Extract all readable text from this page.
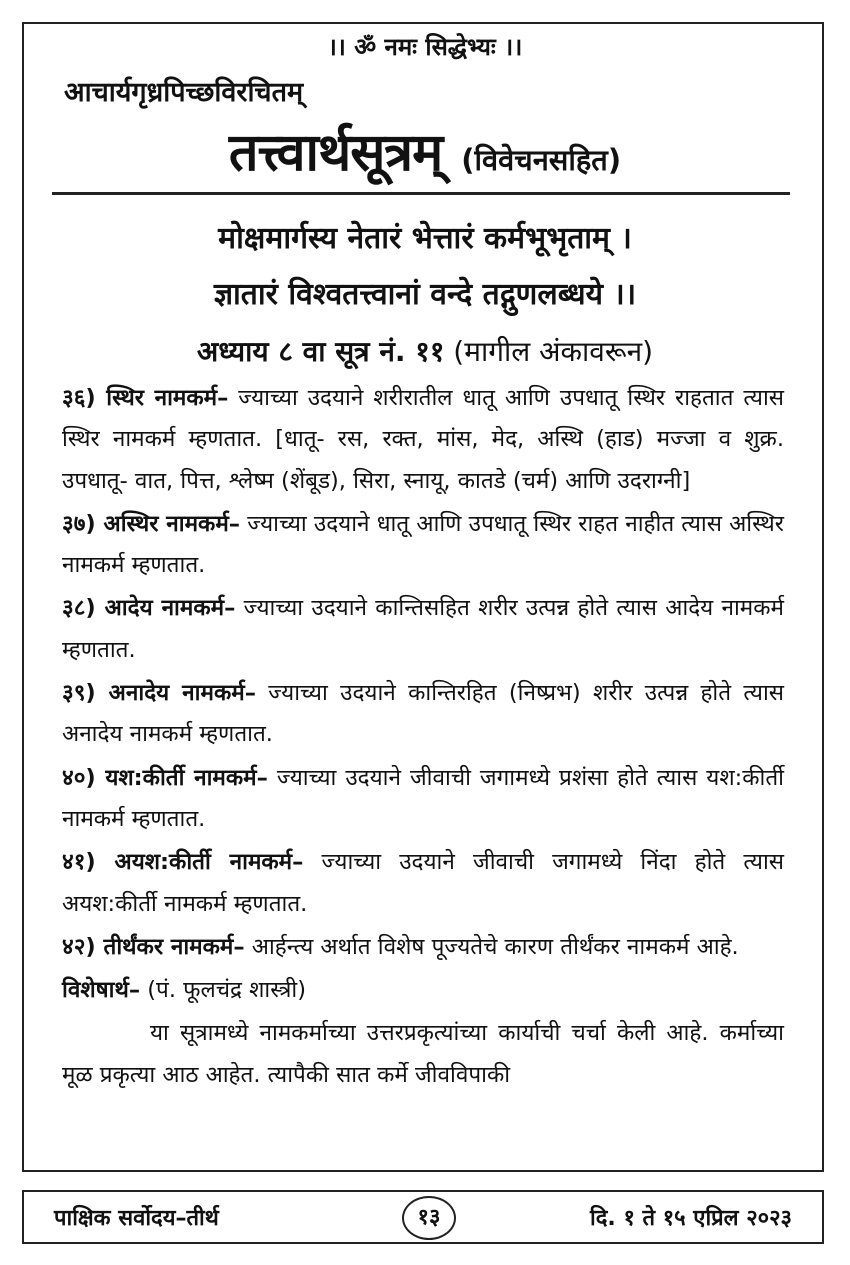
।। ॐ नमः सिद्धेभ्यः ।।
आचार्यगृध्रपिच्छविरचितम्
तत्त्वार्थसूत्रम् (विवेचनसहित)
मोक्षमार्गस्य नेतारं भेत्तारं कर्मभूभृताम् ।
ज्ञातारं विश्वतत्त्वानां वन्दे तद्गुणलब्धये ।।
अध्याय ८ वा सूत्र नं. ११ (मागील अंकावरून)

३६) स्थिर नामकर्म– ज्याच्या उदयाने शरीरातील धातू आणि उपधातू स्थिर राहतात त्यास स्थिर नामकर्म म्हणतात. [धातू- रस, रक्त, मांस, मेद, अस्थि (हाड) मज्जा व शुक्र. उपधातू- वात, पित्त, श्लेष्म (शेंबूड), सिरा, स्नायू, कातडे (चर्म) आणि उदराग्नी]

३७) अस्थिर नामकर्म– ज्याच्या उदयाने धातू आणि उपधातू स्थिर राहत नाहीत त्यास अस्थिर नामकर्म म्हणतात.

३८) आदेय नामकर्म– ज्याच्या उदयाने कान्तिसहित शरीर उत्पन्न होते त्यास आदेय नामकर्म म्हणतात.

३९) अनादेय नामकर्म– ज्याच्या उदयाने कान्तिरहित (निष्प्रभ) शरीर उत्पन्न होते त्यास अनादेय नामकर्म म्हणतात.

४०) यश:कीर्ती नामकर्म– ज्याच्या उदयाने जीवाची जगामध्ये प्रशंसा होते त्यास यश:कीर्ती नामकर्म म्हणतात.

४१) अयश:कीर्ती नामकर्म– ज्याच्या उदयाने जीवाची जगामध्ये निंदा होते त्यास अयश:कीर्ती नामकर्म म्हणतात.

४२) तीर्थंकर नामकर्म– आर्हन्त्य अर्थात विशेष पूज्यतेचे कारण तीर्थंकर नामकर्म आहे.

विशेषार्थ– (पं. फूलचंद्र शास्त्री)

या सूत्रामध्ये नामकर्माच्या उत्तरप्रकृत्यांच्या कार्याची चर्चा केली आहे. कर्माच्या मूळ प्रकृत्या आठ आहेत. त्यापैकी सात कर्मे जीवविपाकी

पाक्षिक सर्वोदय–तीर्थ	१३	दि. १ ते १५ एप्रिल २०२३
